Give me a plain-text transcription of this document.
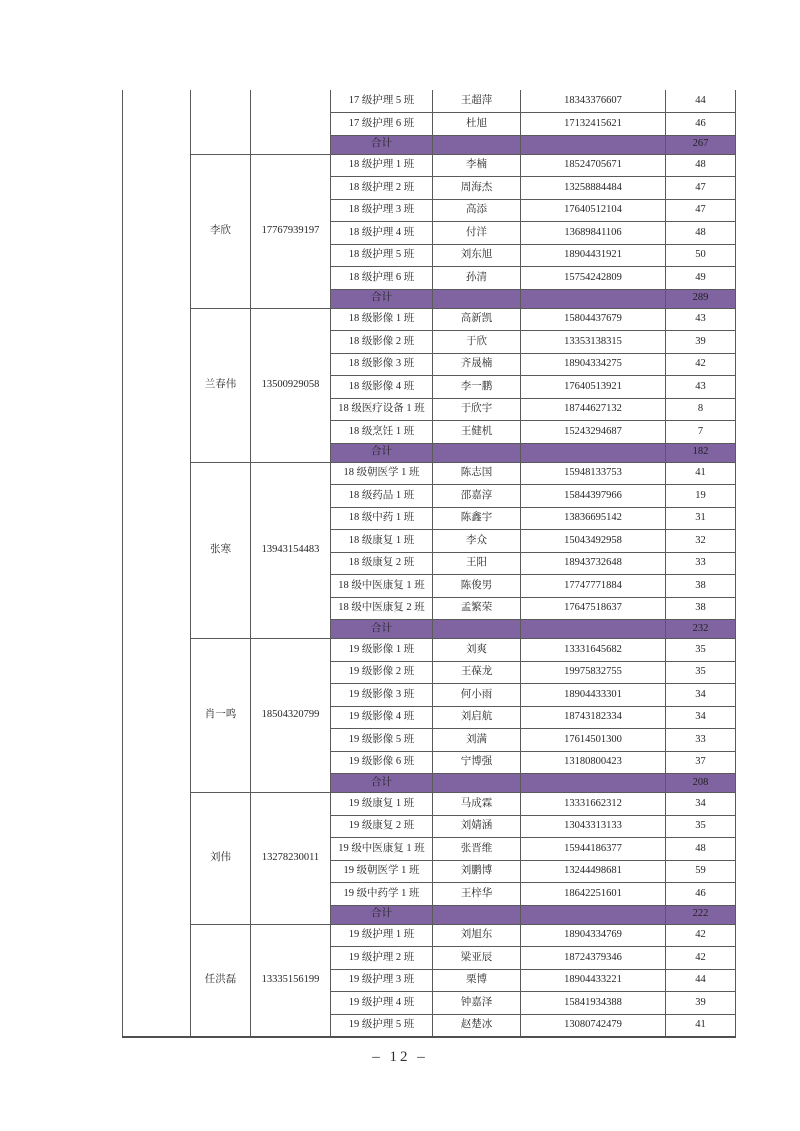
			17 级护理 5 班	王超萍	18343376607	44
			17 级护理 6 班	杜旭	17132415621	46
			合计			267
	李欣	17767939197	18 级护理 1 班	李楠	18524705671	48
			18 级护理 2 班	周海杰	13258884484	47
			18 级护理 3 班	高添	17640512104	47
			18 级护理 4 班	付洋	13689841106	48
			18 级护理 5 班	刘东旭	18904431921	50
			18 级护理 6 班	孙清	15754242809	49
			合计			289
	兰春伟	13500929058	18 级影像 1 班	高新凯	15804437679	43
			18 级影像 2 班	于欣	13353138315	39
			18 级影像 3 班	齐晟楠	18904334275	42
			18 级影像 4 班	李一鹏	17640513921	43
			18 级医疗设备 1 班	于欣宇	18744627132	8
			18 级烹饪 1 班	王健机	15243294687	7
			合计			182
	张寒	13943154483	18 级朝医学 1 班	陈志国	15948133753	41
			18 级药品 1 班	邵嘉淳	15844397966	19
			18 级中药 1 班	陈鑫宇	13836695142	31
			18 级康复 1 班	李众	15043492958	32
			18 级康复 2 班	王阳	18943732648	33
			18 级中医康复 1 班	陈俊男	17747771884	38
			18 级中医康复 2 班	孟繁荣	17647518637	38
			合计			232
	肖一鸣	18504320799	19 级影像 1 班	刘爽	13331645682	35
			19 级影像 2 班	王葆龙	19975832755	35
			19 级影像 3 班	何小雨	18904433301	34
			19 级影像 4 班	刘启航	18743182334	34
			19 级影像 5 班	刘满	17614501300	33
			19 级影像 6 班	宁博强	13180800423	37
			合计			208
	刘伟	13278230011	19 级康复 1 班	马成霖	13331662312	34
			19 级康复 2 班	刘婧涵	13043313133	35
			19 级中医康复 1 班	张晋维	15944186377	48
			19 级朝医学 1 班	刘鹏博	13244498681	59
			19 级中药学 1 班	王梓华	18642251601	46
			合计			222
	任洪磊	13335156199	19 级护理 1 班	刘旭东	18904334769	42
			19 级护理 2 班	梁亚辰	18724379346	42
			19 级护理 3 班	栗博	18904433221	44
			19 级护理 4 班	钟嘉泽	15841934388	39
			19 级护理 5 班	赵楚冰	13080742479	41
– 12 –
